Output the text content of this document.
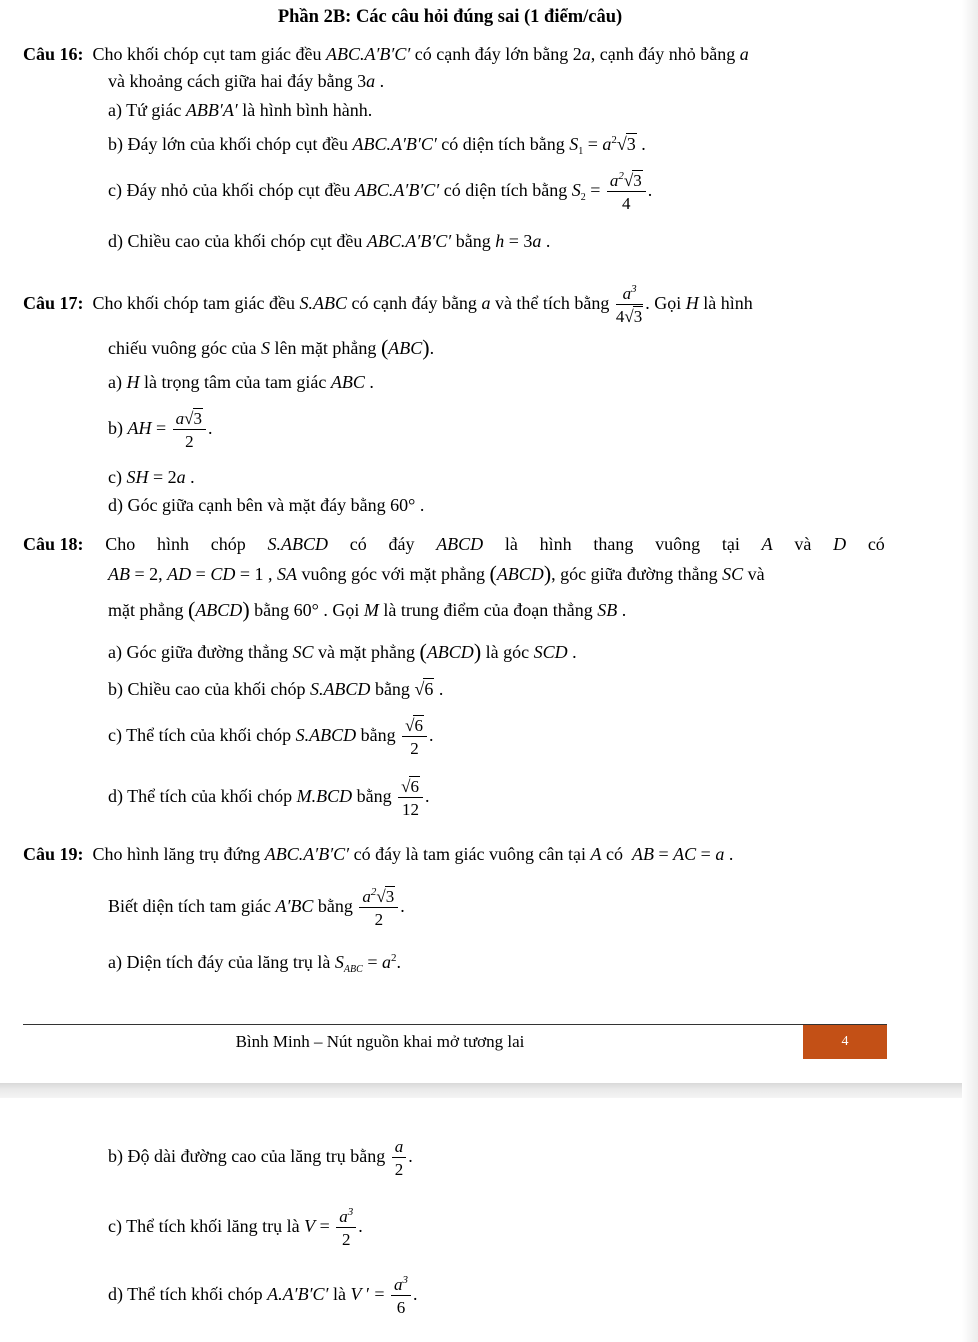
Phần 2B: Các câu hỏi đúng sai (1 điểm/câu)
Câu 16:  Cho khối chóp cụt tam giác đều ABC.A′B′C′ có cạnh đáy lớn bằng 2a, cạnh đáy nhỏ bằng a
và khoảng cách giữa hai đáy bằng 3a .
a) Tứ giác ABB′A′ là hình bình hành.
b) Đáy lớn của khối chóp cụt đều ABC.A′B′C′ có diện tích bằng $S_1 = a^2√3$ .
c) Đáy nhỏ của khối chóp cụt đều ABC.A′B′C′ có diện tích bằng $S_2 = \frac{a^2√3}{4}$ .
d) Chiều cao của khối chóp cụt đều ABC.A′B′C′ bằng h = 3a .
Câu 17:  Cho khối chóp tam giác đều S.ABC có cạnh đáy bằng a và thể tích bằng $\frac{a^3}{4√3}$ . Gọi H là hình
chiếu vuông góc của S lên mặt phẳng (ABC).
a) H là trọng tâm của tam giác ABC .
b) AH = $\frac{a√3}{2}$ .
c) SH = 2a .
d) Góc giữa cạnh bên và mặt đáy bằng 60° .
Câu 18: Cho hình chóp S.ABCD có đáy ABCD là hình thang vuông tại A và D có
AB = 2, AD = CD = 1 , SA vuông góc với mặt phẳng (ABCD), góc giữa đường thẳng SC và
mặt phẳng (ABCD) bằng 60° . Gọi M là trung điểm của đoạn thẳng SB .
a) Góc giữa đường thẳng SC và mặt phẳng (ABCD) là góc SCD .
b) Chiều cao của khối chóp S.ABCD bằng √6 .
c) Thể tích của khối chóp S.ABCD bằng $\frac{√6}{2}$ .
d) Thể tích của khối chóp M.BCD bằng $\frac{√6}{12}$ .
Câu 19:  Cho hình lăng trụ đứng ABC.A′B′C′ có đáy là tam giác vuông cân tại A có  AB = AC = a .
Biết diện tích tam giác A′BC bằng $\frac{a^2√3}{2}$ .
a) Diện tích đáy của lăng trụ là $S_{ABC} = a^2$.
Bình Minh – Nút nguồn khai mở tương lai	4
b) Độ dài đường cao của lăng trụ bằng $\frac{a}{2}$ .
c) Thể tích khối lăng trụ là $V = \frac{a^3}{2}$ .
d) Thể tích khối chóp A.A′B′C′ là V ′ = $\frac{a^3}{6}$ .
